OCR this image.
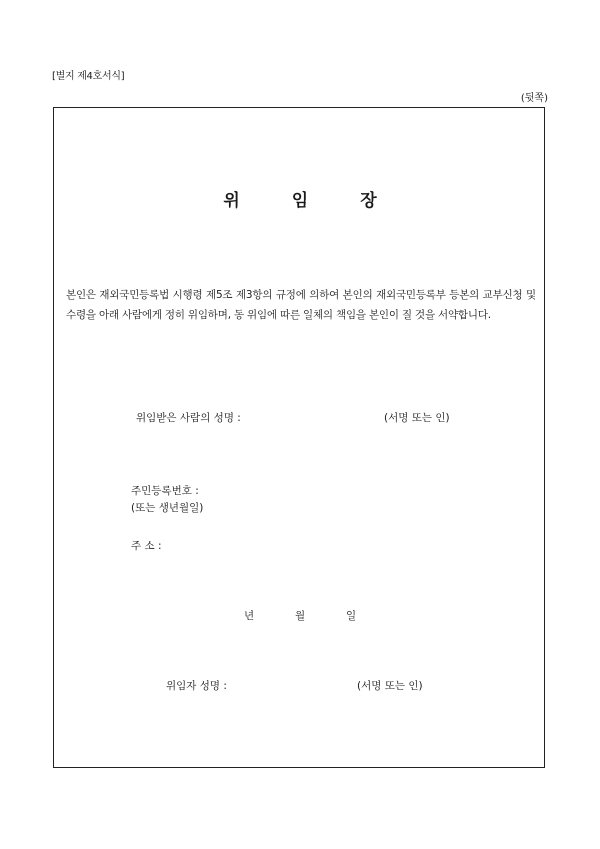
[별지 제4호서식]
(뒷쪽)
위임장
본인은 재외국민등록법 시행령 제5조 제3항의 규정에 의하여 본인의 재외국민등록부 등본의 교부신청 및 수령을 아래 사람에게 정히 위임하며, 동 위임에 따른 일체의 책임을 본인이 질 것을 서약합니다.
위임받은 사람의 성명 :	(서명 또는 인)
주민등록번호 :
(또는 생년월일)
주 소 :
년	월	일
위임자 성명 :	(서명 또는 인)
